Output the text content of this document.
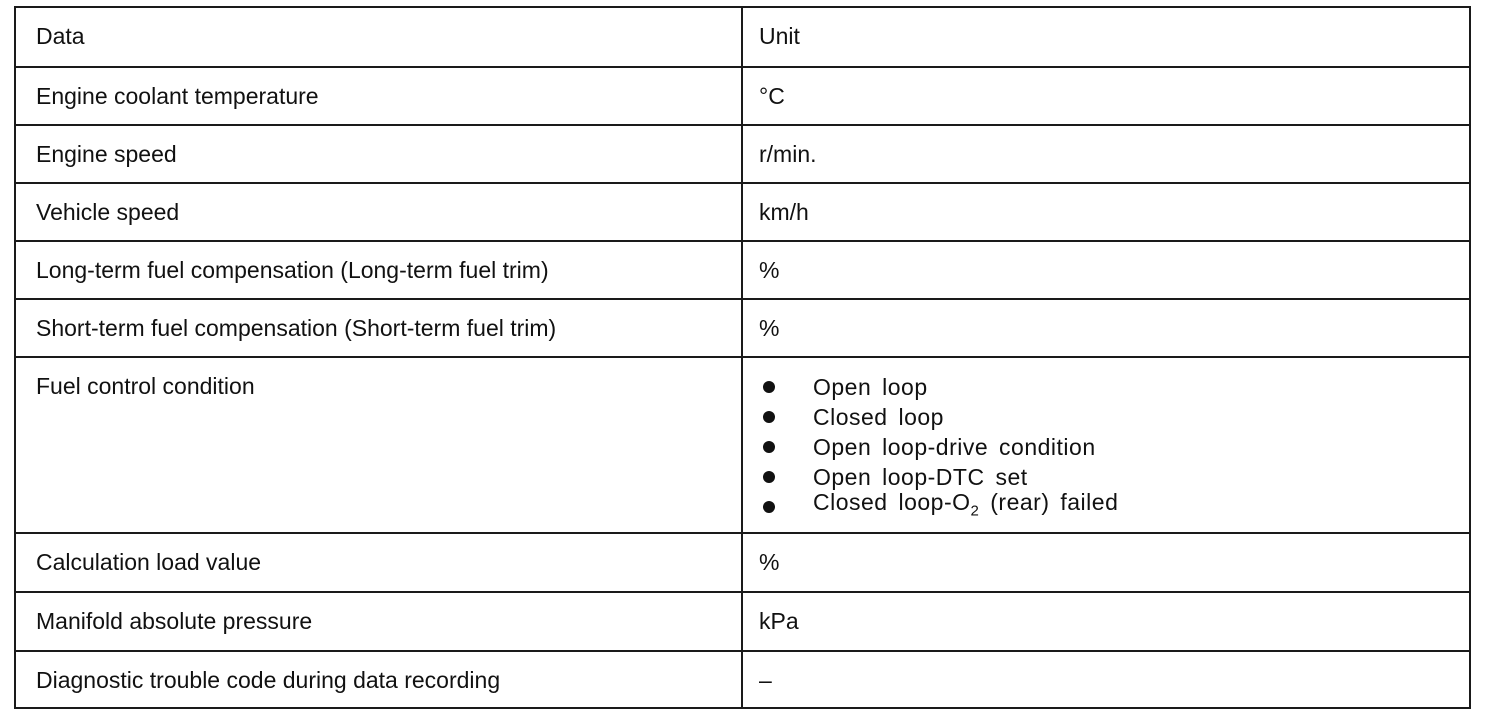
Data	Unit
Engine coolant temperature	°C
Engine speed	r/min.
Vehicle speed	km/h
Long-term fuel compensation (Long-term fuel trim)	%
Short-term fuel compensation (Short-term fuel trim)	%
Fuel control condition	Open loop
Closed loop
Open loop-drive condition
Open loop-DTC set
Closed loop-$O_2$ (rear) failed
Calculation load value	%
Manifold absolute pressure	kPa
Diagnostic trouble code during data recording	–
